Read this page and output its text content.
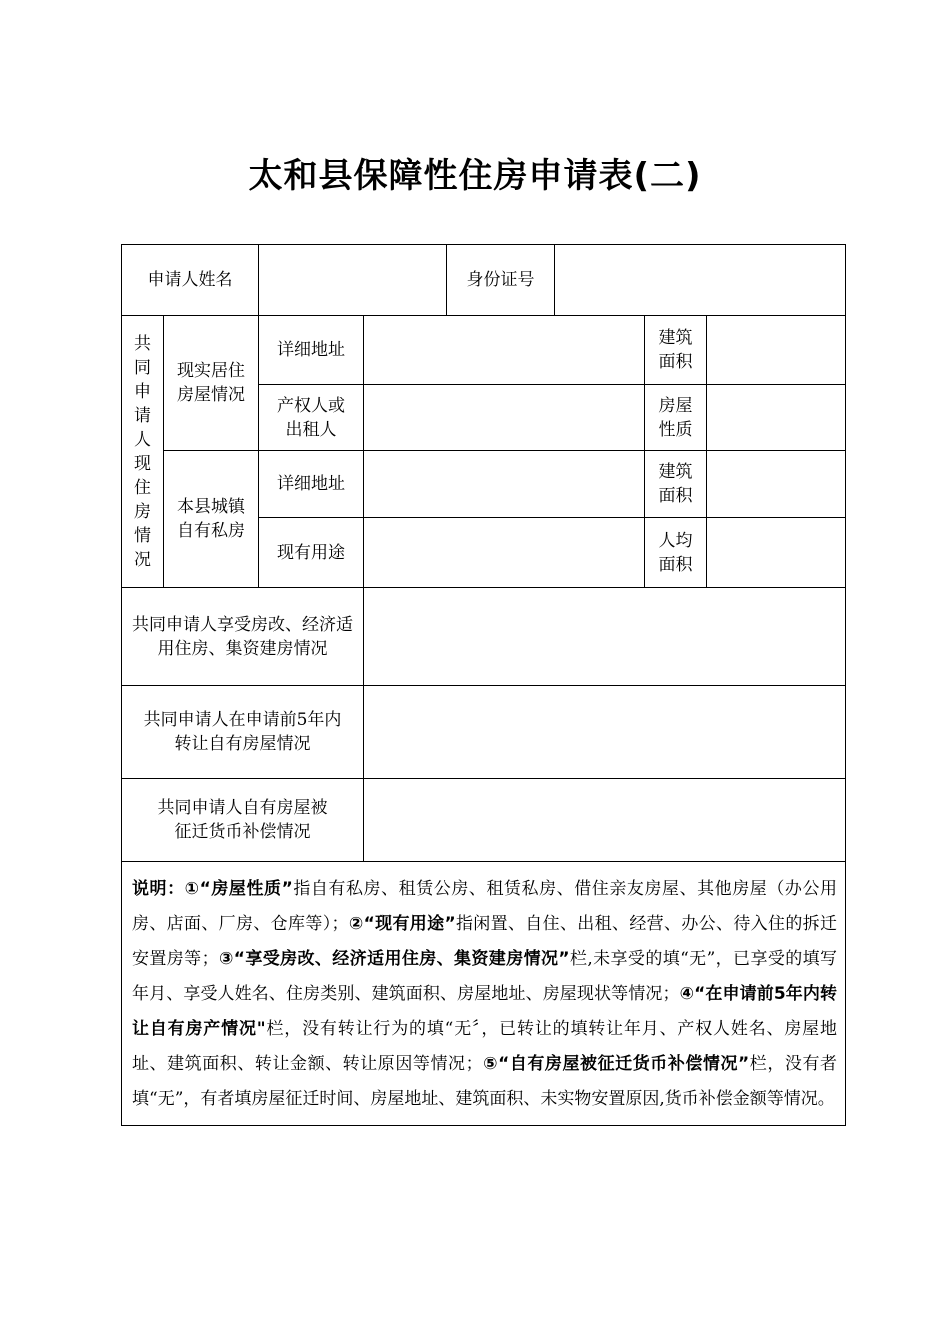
太和县保障性住房申请表(二)
申请人姓名				身份证号			
共同申请人现住房情况	现实居住房屋情况	详细地址				建筑面积	
		产权人或出租人				房屋性质	
	本县城镇自有私房	详细地址				建筑面积	
		现有用途				人均面积	
共同申请人享受房改、经济适用住房、集资建房情况							
共同申请人在申请前5年内转让自有房屋情况							
共同申请人自有房屋被征迁货币补偿情况							
说明：①“房屋性质”指自有私房、租赁公房、租赁私房、借住亲友房屋、其他房屋（办公用房、店面、厂房、仓库等）；②“现有用途”指闲置、自住、出租、经营、办公、待入住的拆迁安置房等；③“享受房改、经济适用住房、集资建房情况”栏,未享受的填“无”，已享受的填写年月、享受人姓名、住房类别、建筑面积、房屋地址、房屋现状等情况；④“在申请前5年内转让自有房产情况"栏，没有转让行为的填“无〞，已转让的填转让年月、产权人姓名、房屋地址、建筑面积、转让金额、转让原因等情况；⑤“自有房屋被征迁货币补偿情况”栏，没有者填“无”，有者填房屋征迁时间、房屋地址、建筑面积、未实物安置原因,货币补偿金额等情况。							
